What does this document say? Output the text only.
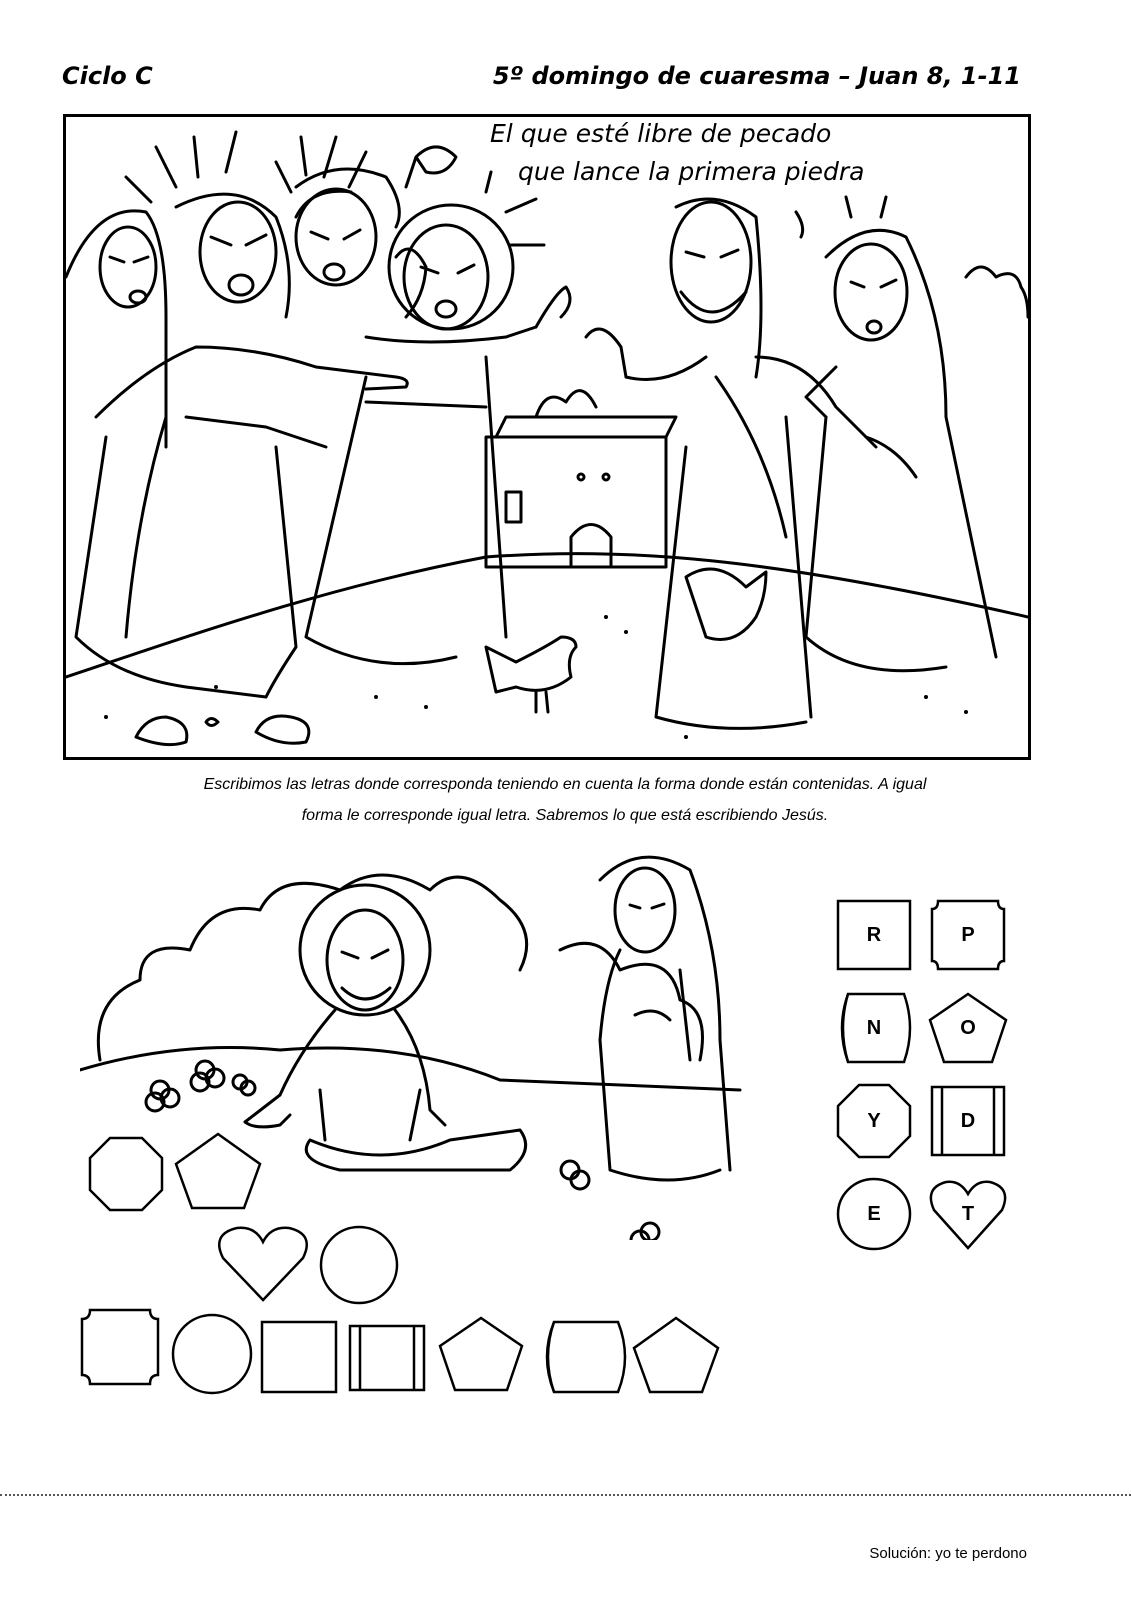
Ciclo C	5º domingo de cuaresma – Juan 8, 1-11
El que esté libre de pecado
que lance la primera piedra
Escribimos las letras donde corresponda teniendo en cuenta la forma donde están contenidas. A igual
forma le corresponde igual letra. Sabremos lo que está escribiendo Jesús.
R	P
N	O
Y	D
E	T
Solución: yo te perdono
